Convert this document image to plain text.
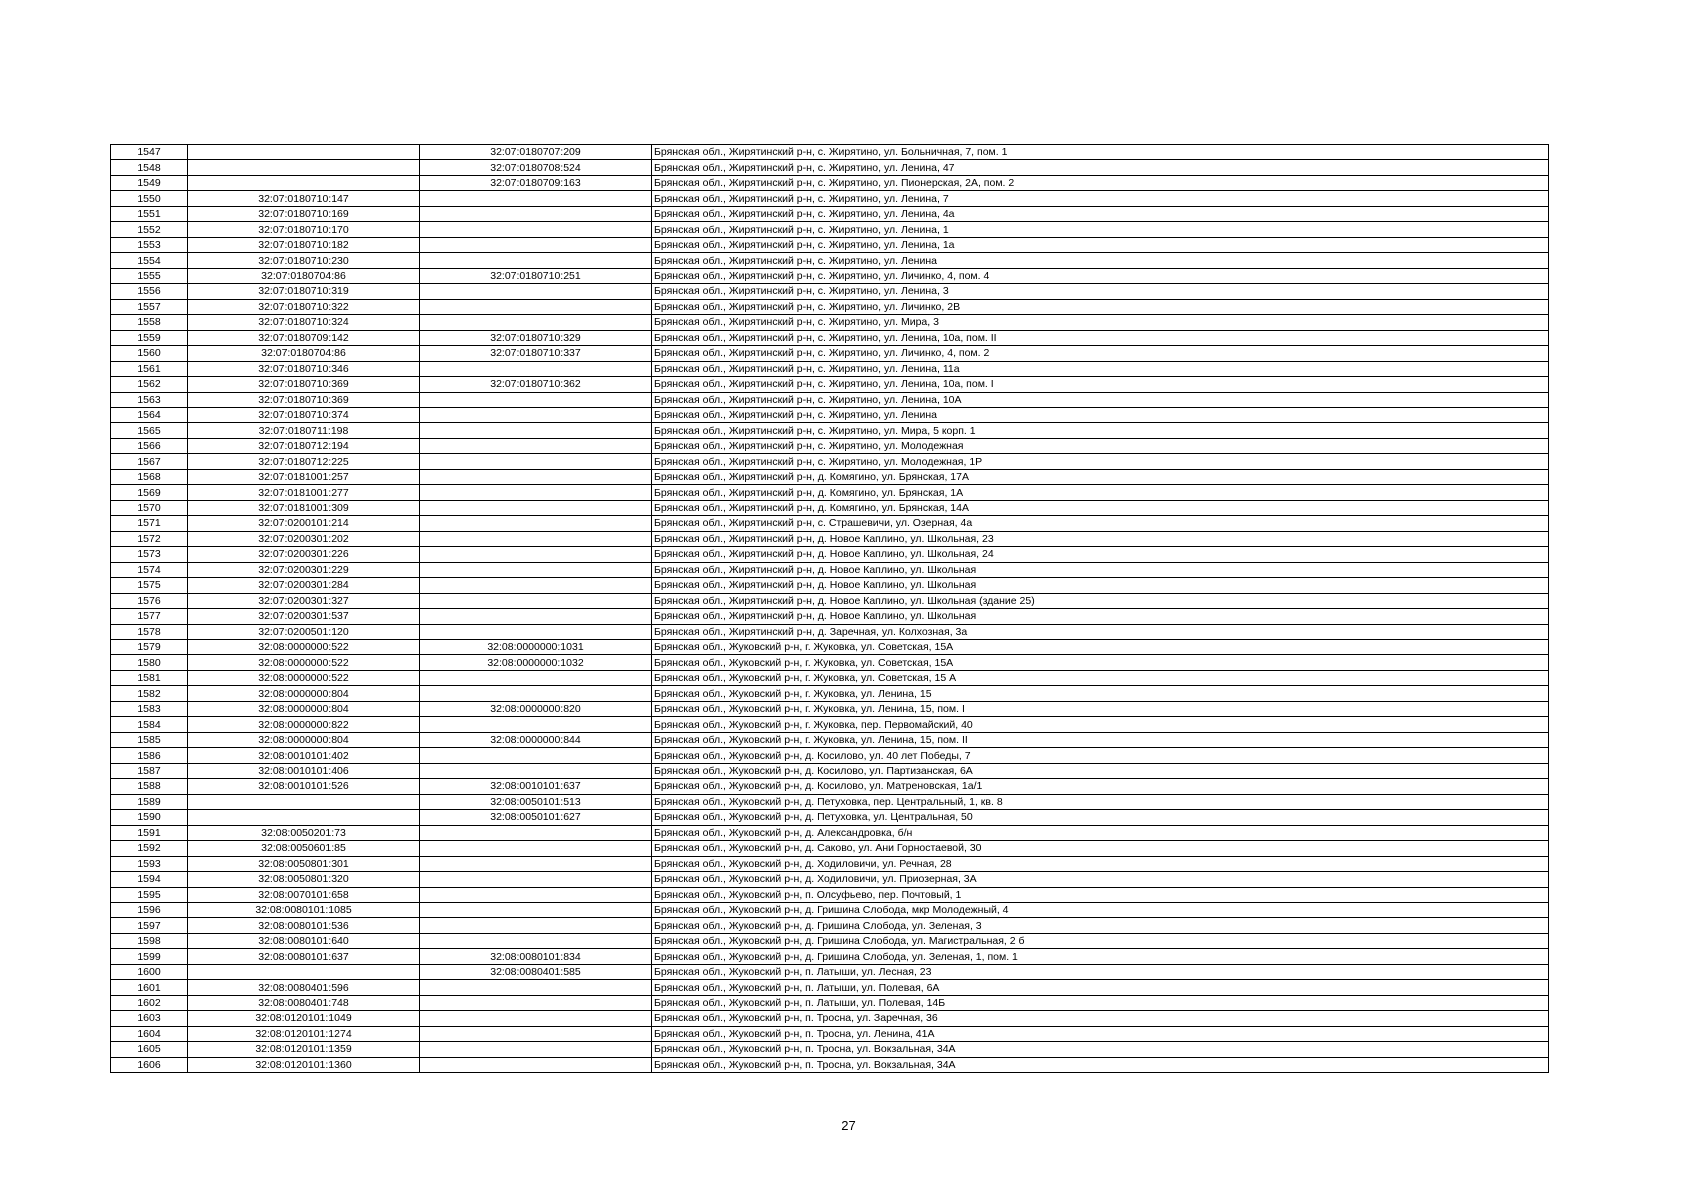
1547		32:07:0180707:209	Брянская обл., Жирятинский р-н, с. Жирятино, ул. Больничная, 7, пом. 1
1548		32:07:0180708:524	Брянская обл., Жирятинский р-н, с. Жирятино, ул. Ленина, 47
1549		32:07:0180709:163	Брянская обл., Жирятинский р-н, с. Жирятино, ул. Пионерская, 2А, пом. 2
1550	32:07:0180710:147		Брянская обл., Жирятинский р-н, с. Жирятино, ул. Ленина, 7
1551	32:07:0180710:169		Брянская обл., Жирятинский р-н, с. Жирятино, ул. Ленина, 4а
1552	32:07:0180710:170		Брянская обл., Жирятинский р-н, с. Жирятино, ул. Ленина, 1
1553	32:07:0180710:182		Брянская обл., Жирятинский р-н, с. Жирятино, ул. Ленина, 1а
1554	32:07:0180710:230		Брянская обл., Жирятинский р-н, с. Жирятино, ул. Ленина
1555	32:07:0180704:86	32:07:0180710:251	Брянская обл., Жирятинский р-н, с. Жирятино, ул. Личинко, 4, пом. 4
1556	32:07:0180710:319		Брянская обл., Жирятинский р-н, с. Жирятино, ул. Ленина, 3
1557	32:07:0180710:322		Брянская обл., Жирятинский р-н, с. Жирятино, ул. Личинко, 2В
1558	32:07:0180710:324		Брянская обл., Жирятинский р-н, с. Жирятино, ул. Мира, 3
1559	32:07:0180709:142	32:07:0180710:329	Брянская обл., Жирятинский р-н, с. Жирятино, ул. Ленина, 10а, пом. II
1560	32:07:0180704:86	32:07:0180710:337	Брянская обл., Жирятинский р-н, с. Жирятино, ул. Личинко, 4, пом. 2
1561	32:07:0180710:346		Брянская обл., Жирятинский р-н, с. Жирятино, ул. Ленина, 11а
1562	32:07:0180710:369	32:07:0180710:362	Брянская обл., Жирятинский р-н, с. Жирятино, ул. Ленина, 10а, пом. I
1563	32:07:0180710:369		Брянская обл., Жирятинский р-н, с. Жирятино, ул. Ленина, 10А
1564	32:07:0180710:374		Брянская обл., Жирятинский р-н, с. Жирятино, ул. Ленина
1565	32:07:0180711:198		Брянская обл., Жирятинский р-н, с. Жирятино, ул. Мира, 5 корп. 1
1566	32:07:0180712:194		Брянская обл., Жирятинский р-н, с. Жирятино, ул. Молодежная
1567	32:07:0180712:225		Брянская обл., Жирятинский р-н, с. Жирятино, ул. Молодежная, 1Р
1568	32:07:0181001:257		Брянская обл., Жирятинский р-н, д. Комягино, ул. Брянская, 17А
1569	32:07:0181001:277		Брянская обл., Жирятинский р-н, д. Комягино, ул. Брянская, 1А
1570	32:07:0181001:309		Брянская обл., Жирятинский р-н, д. Комягино, ул. Брянская, 14А
1571	32:07:0200101:214		Брянская обл., Жирятинский р-н, с. Страшевичи, ул. Озерная, 4а
1572	32:07:0200301:202		Брянская обл., Жирятинский р-н, д. Новое Каплино, ул. Школьная, 23
1573	32:07:0200301:226		Брянская обл., Жирятинский р-н, д. Новое Каплино, ул. Школьная, 24
1574	32:07:0200301:229		Брянская обл., Жирятинский р-н, д. Новое Каплино, ул. Школьная
1575	32:07:0200301:284		Брянская обл., Жирятинский р-н, д. Новое Каплино, ул. Школьная
1576	32:07:0200301:327		Брянская обл., Жирятинский р-н, д. Новое Каплино, ул. Школьная (здание 25)
1577	32:07:0200301:537		Брянская обл., Жирятинский р-н, д. Новое Каплино, ул. Школьная
1578	32:07:0200501:120		Брянская обл., Жирятинский р-н, д. Заречная, ул. Колхозная, 3а
1579	32:08:0000000:522	32:08:0000000:1031	Брянская обл., Жуковский р-н, г. Жуковка, ул. Советская, 15А
1580	32:08:0000000:522	32:08:0000000:1032	Брянская обл., Жуковский р-н, г. Жуковка, ул. Советская, 15А
1581	32:08:0000000:522		Брянская обл., Жуковский р-н, г. Жуковка, ул. Советская, 15 А
1582	32:08:0000000:804		Брянская обл., Жуковский р-н, г. Жуковка, ул. Ленина, 15
1583	32:08:0000000:804	32:08:0000000:820	Брянская обл., Жуковский р-н, г. Жуковка, ул. Ленина, 15, пом. I
1584	32:08:0000000:822		Брянская обл., Жуковский р-н, г. Жуковка, пер. Первомайский, 40
1585	32:08:0000000:804	32:08:0000000:844	Брянская обл., Жуковский р-н, г. Жуковка, ул. Ленина, 15, пом. II
1586	32:08:0010101:402		Брянская обл., Жуковский р-н, д. Косилово, ул. 40 лет Победы, 7
1587	32:08:0010101:406		Брянская обл., Жуковский р-н, д. Косилово, ул. Партизанская, 6А
1588	32:08:0010101:526	32:08:0010101:637	Брянская обл., Жуковский р-н, д. Косилово, ул. Матреновская, 1а/1
1589		32:08:0050101:513	Брянская обл., Жуковский р-н, д. Петуховка, пер. Центральный, 1, кв. 8
1590		32:08:0050101:627	Брянская обл., Жуковский р-н, д. Петуховка, ул. Центральная, 50
1591	32:08:0050201:73		Брянская обл., Жуковский р-н, д. Александровка, б/н
1592	32:08:0050601:85		Брянская обл., Жуковский р-н, д. Саково, ул. Ани Горностаевой, 30
1593	32:08:0050801:301		Брянская обл., Жуковский р-н, д. Ходиловичи, ул. Речная, 28
1594	32:08:0050801:320		Брянская обл., Жуковский р-н, д. Ходиловичи, ул. Приозерная, 3А
1595	32:08:0070101:658		Брянская обл., Жуковский р-н, п. Олсуфьево, пер. Почтовый, 1
1596	32:08:0080101:1085		Брянская обл., Жуковский р-н, д. Гришина Слобода, мкр Молодежный, 4
1597	32:08:0080101:536		Брянская обл., Жуковский р-н, д. Гришина Слобода, ул. Зеленая, 3
1598	32:08:0080101:640		Брянская обл., Жуковский р-н, д. Гришина Слобода, ул. Магистральная, 2 б
1599	32:08:0080101:637	32:08:0080101:834	Брянская обл., Жуковский р-н, д. Гришина Слобода, ул. Зеленая, 1, пом. 1
1600		32:08:0080401:585	Брянская обл., Жуковский р-н, п. Латыши, ул. Лесная, 23
1601	32:08:0080401:596		Брянская обл., Жуковский р-н, п. Латыши, ул. Полевая, 6А
1602	32:08:0080401:748		Брянская обл., Жуковский р-н, п. Латыши, ул. Полевая, 14Б
1603	32:08:0120101:1049		Брянская обл., Жуковский р-н, п. Тросна, ул. Заречная, 36
1604	32:08:0120101:1274		Брянская обл., Жуковский р-н, п. Тросна, ул. Ленина, 41А
1605	32:08:0120101:1359		Брянская обл., Жуковский р-н, п. Тросна, ул. Вокзальная, 34А
1606	32:08:0120101:1360		Брянская обл., Жуковский р-н, п. Тросна, ул. Вокзальная, 34А
27
